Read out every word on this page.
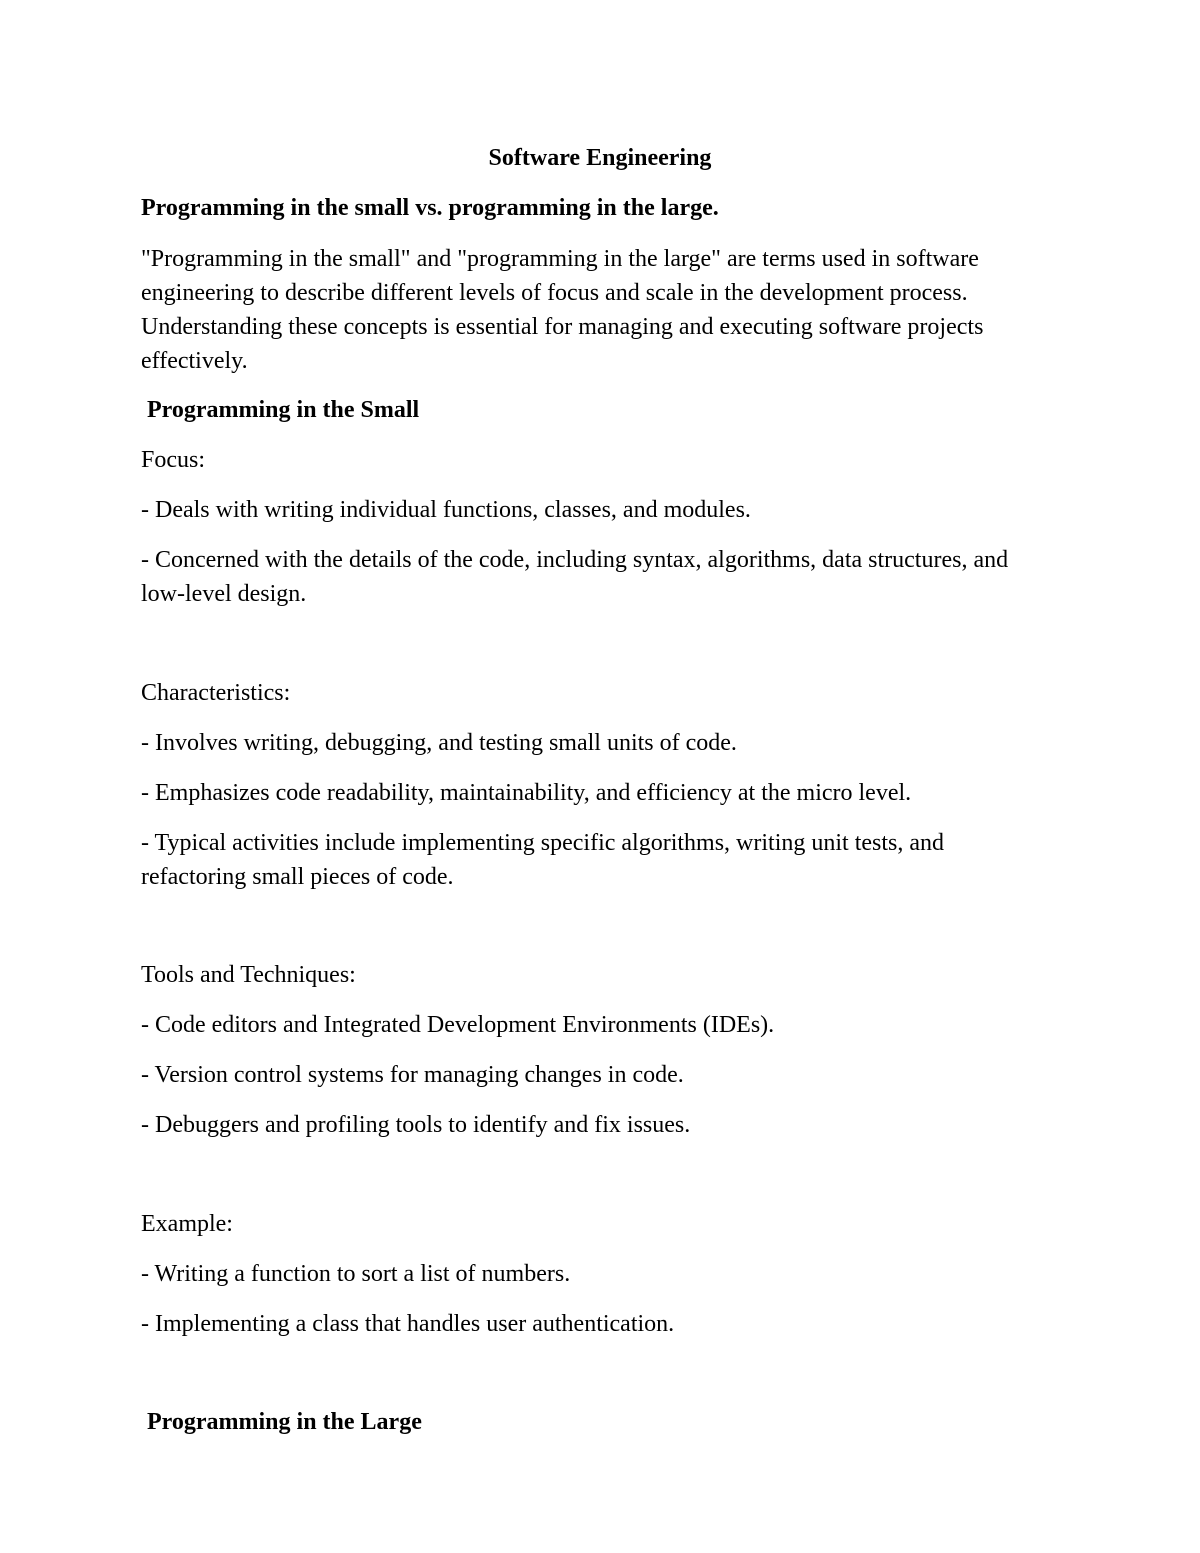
Software Engineering

Programming in the small vs. programming in the large.

"Programming in the small" and "programming in the large" are terms used in software engineering to describe different levels of focus and scale in the development process. Understanding these concepts is essential for managing and executing software projects effectively.

Programming in the Small

Focus:

- Deals with writing individual functions, classes, and modules.

- Concerned with the details of the code, including syntax, algorithms, data structures, and low-level design.

Characteristics:

- Involves writing, debugging, and testing small units of code.

- Emphasizes code readability, maintainability, and efficiency at the micro level.

- Typical activities include implementing specific algorithms, writing unit tests, and refactoring small pieces of code.

Tools and Techniques:

- Code editors and Integrated Development Environments (IDEs).

- Version control systems for managing changes in code.

- Debuggers and profiling tools to identify and fix issues.

Example:

- Writing a function to sort a list of numbers.

- Implementing a class that handles user authentication.

Programming in the Large
